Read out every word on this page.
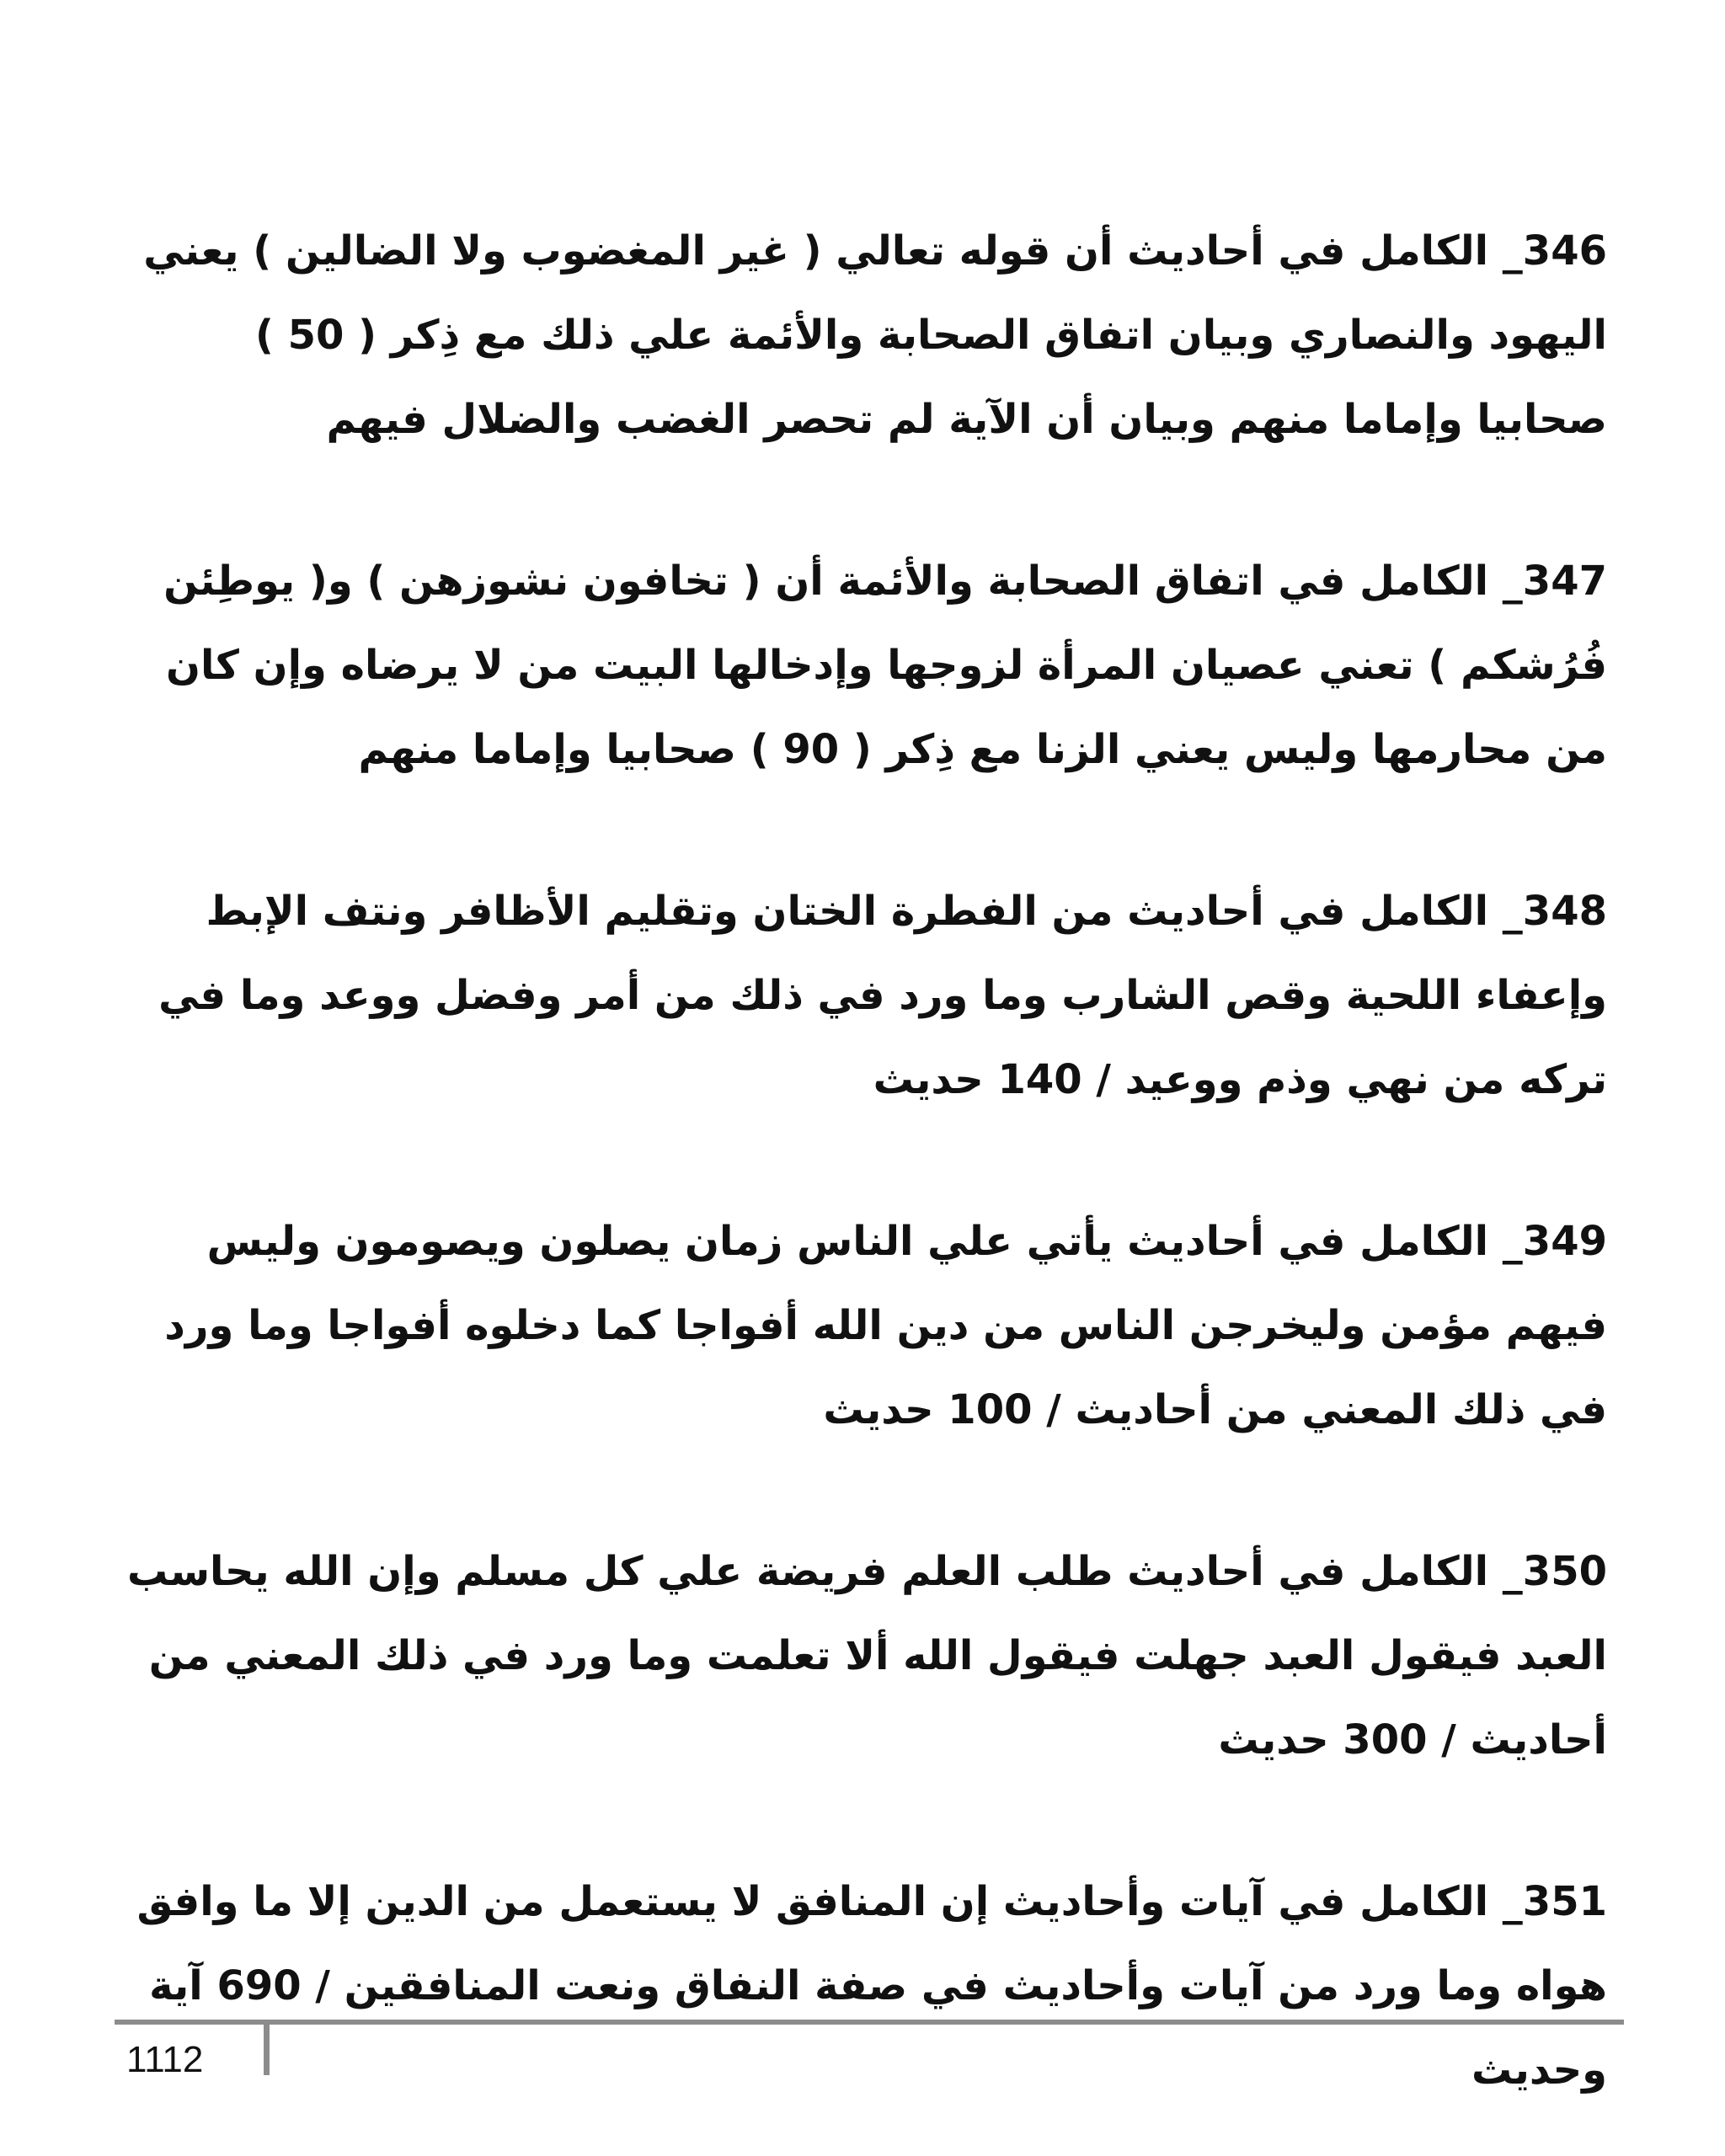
346_ الكامل في أحاديث أن قوله تعالي ( غير المغضوب ولا الضالين ) يعني اليهود والنصاري وبيان اتفاق الصحابة والأئمة علي ذلك مع ذِكر ( 50 ) صحابيا وإماما منهم وبيان أن الآية لم تحصر الغضب والضلال فيهم

347_ الكامل في اتفاق الصحابة والأئمة أن ( تخافون نشوزهن ) و( يوطِئن فُرُشكم ) تعني عصيان المرأة لزوجها وإدخالها البيت من لا يرضاه وإن كان من محارمها وليس يعني الزنا مع ذِكر ( 90 ) صحابيا وإماما منهم

348_ الكامل في أحاديث من الفطرة الختان وتقليم الأظافر ونتف الإبط وإعفاء اللحية وقص الشارب وما ورد في ذلك من أمر وفضل ووعد وما في تركه من نهي وذم ووعيد / 140 حديث

349_ الكامل في أحاديث يأتي علي الناس زمان يصلون ويصومون وليس فيهم مؤمن وليخرجن الناس من دين الله أفواجا كما دخلوه أفواجا وما ورد في ذلك المعني من أحاديث / 100 حديث

350_ الكامل في أحاديث طلب العلم فريضة علي كل مسلم وإن الله يحاسب العبد فيقول العبد جهلت فيقول الله ألا تعلمت وما ورد في ذلك المعني من أحاديث / 300 حديث

351_ الكامل في آيات وأحاديث إن المنافق لا يستعمل من الدين إلا ما وافق هواه وما ورد من آيات وأحاديث في صفة النفاق ونعت المنافقين / 690 آية وحديث

1112
